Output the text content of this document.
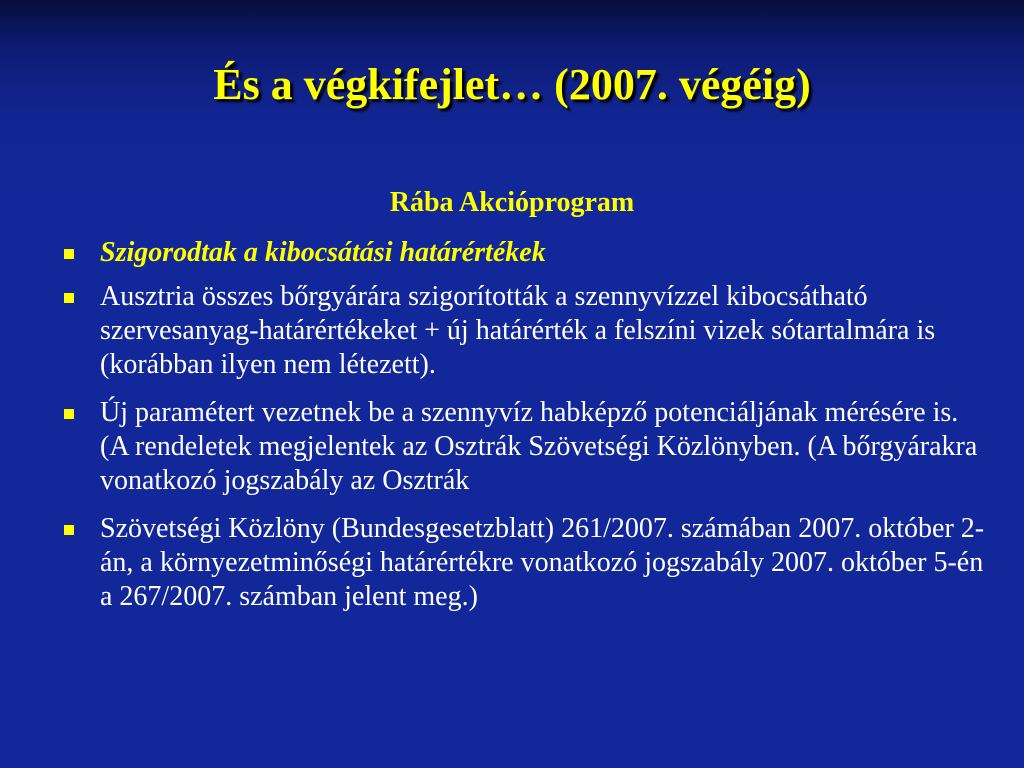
És a végkifejlet… (2007. végéig)
Rába Akcióprogram
Szigorodtak a kibocsátási határértékek
Ausztria összes bőrgyárára szigorították a szennyvízzel kibocsátható szervesanyag-határértékeket + új határérték a felszíni vizek sótartalmára is (korábban ilyen nem létezett).
Új paramétert vezetnek be a szennyvíz habképző potenciáljának mérésére is. (A rendeletek megjelentek az Osztrák Szövetségi Közlönyben. (A bőrgyárakra vonatkozó jogszabály az Osztrák
Szövetségi Közlöny (Bundesgesetzblatt) 261/2007. számában 2007. október 2-án, a környezetminőségi határértékre vonatkozó jogszabály 2007. október 5-én a 267/2007. számban jelent meg.)
